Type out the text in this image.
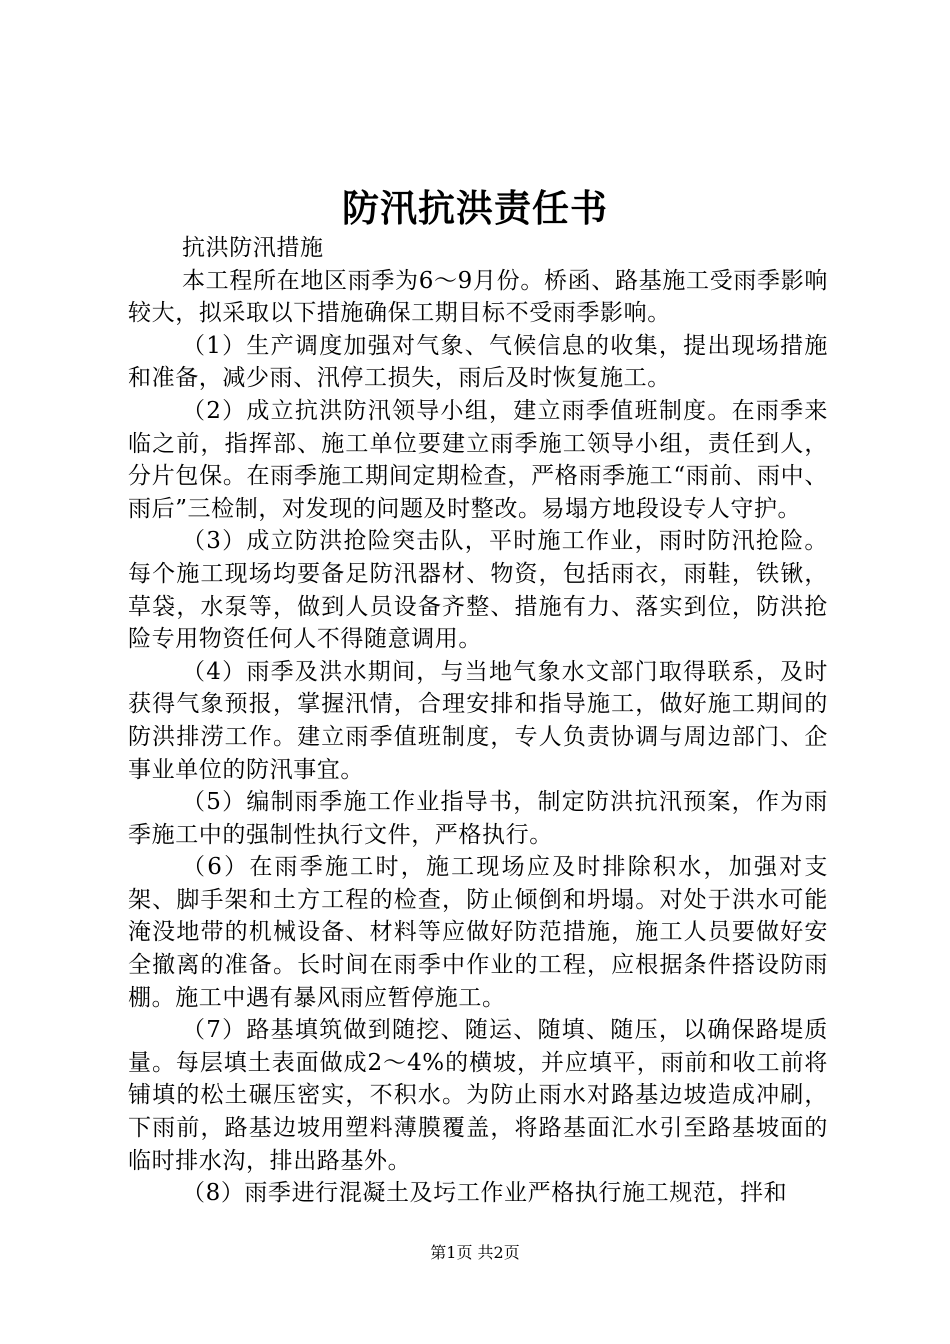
防汛抗洪责任书

抗洪防汛措施

本工程所在地区雨季为6～9月份。桥函、路基施工受雨季影响较大，拟采取以下措施确保工期目标不受雨季影响。

（1）生产调度加强对气象、气候信息的收集，提出现场措施和准备，减少雨、汛停工损失，雨后及时恢复施工。

（2）成立抗洪防汛领导小组，建立雨季值班制度。在雨季来临之前，指挥部、施工单位要建立雨季施工领导小组，责任到人，分片包保。在雨季施工期间定期检查，严格雨季施工“雨前、雨中、雨后”三检制，对发现的问题及时整改。易塌方地段设专人守护。

（3）成立防洪抢险突击队，平时施工作业，雨时防汛抢险。每个施工现场均要备足防汛器材、物资，包括雨衣，雨鞋，铁锹，草袋，水泵等，做到人员设备齐整、措施有力、落实到位，防洪抢险专用物资任何人不得随意调用。

（4）雨季及洪水期间，与当地气象水文部门取得联系，及时获得气象预报，掌握汛情，合理安排和指导施工，做好施工期间的防洪排涝工作。建立雨季值班制度，专人负责协调与周边部门、企事业单位的防汛事宜。

（5）编制雨季施工作业指导书，制定防洪抗汛预案，作为雨季施工中的强制性执行文件，严格执行。

（6）在雨季施工时，施工现场应及时排除积水，加强对支架、脚手架和土方工程的检查，防止倾倒和坍塌。对处于洪水可能淹没地带的机械设备、材料等应做好防范措施，施工人员要做好安全撤离的准备。长时间在雨季中作业的工程，应根据条件搭设防雨棚。施工中遇有暴风雨应暂停施工。

（7）路基填筑做到随挖、随运、随填、随压，以确保路堤质量。每层填土表面做成2～4%的横坡，并应填平，雨前和收工前将铺填的松土碾压密实，不积水。为防止雨水对路基边坡造成冲刷，下雨前，路基边坡用塑料薄膜覆盖，将路基面汇水引至路基坡面的临时排水沟，排出路基外。

（8）雨季进行混凝土及圬工作业严格执行施工规范，拌和

第1页 共2页
